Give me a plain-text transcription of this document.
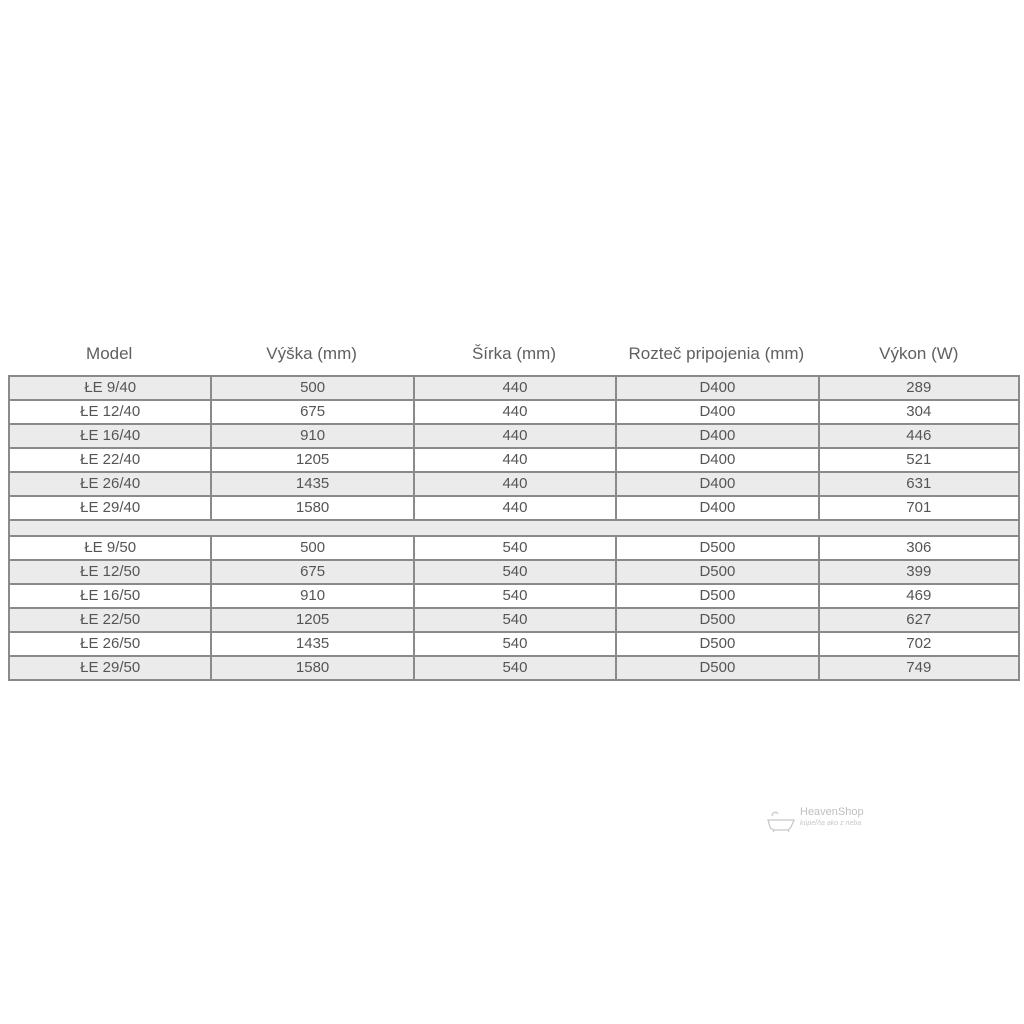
Model	Výška (mm)	Šírka (mm)	Rozteč pripojenia (mm)	Výkon (W)
ŁE 9/40	500	440	D400	289
ŁE 12/40	675	440	D400	304
ŁE 16/40	910	440	D400	446
ŁE 22/40	1205	440	D400	521
ŁE 26/40	1435	440	D400	631
ŁE 29/40	1580	440	D400	701

ŁE 9/50	500	540	D500	306
ŁE 12/50	675	540	D500	399
ŁE 16/50	910	540	D500	469
ŁE 22/50	1205	540	D500	627
ŁE 26/50	1435	540	D500	702
ŁE 29/50	1580	540	D500	749
HeavenShop
kúpeľňa ako z neba
